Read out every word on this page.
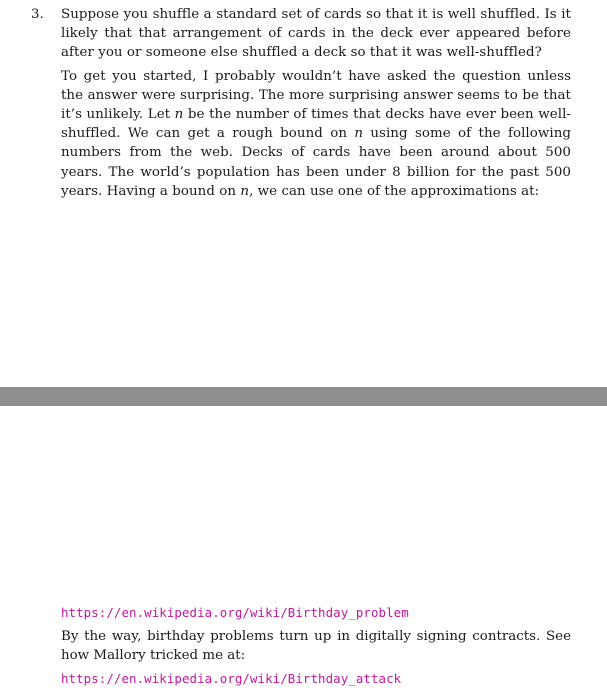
3.	Suppose you shuffle a standard set of cards so that it is well shuffled. Is it likely that that arrangement of cards in the deck ever appeared before after you or someone else shuffled a deck so that it was well-shuffled?

To get you started, I probably wouldn’t have asked the question unless the answer were surprising. The more surprising answer seems to be that it’s unlikely. Let n be the number of times that decks have ever been well-shuffled. We can get a rough bound on n using some of the following numbers from the web. Decks of cards have been around about 500 years. The world’s population has been under 8 billion for the past 500 years. Having a bound on n, we can use one of the approximations at:

https://en.wikipedia.org/wiki/Birthday_problem

By the way, birthday problems turn up in digitally signing contracts. See how Mallory tricked me at:

https://en.wikipedia.org/wiki/Birthday_attack
